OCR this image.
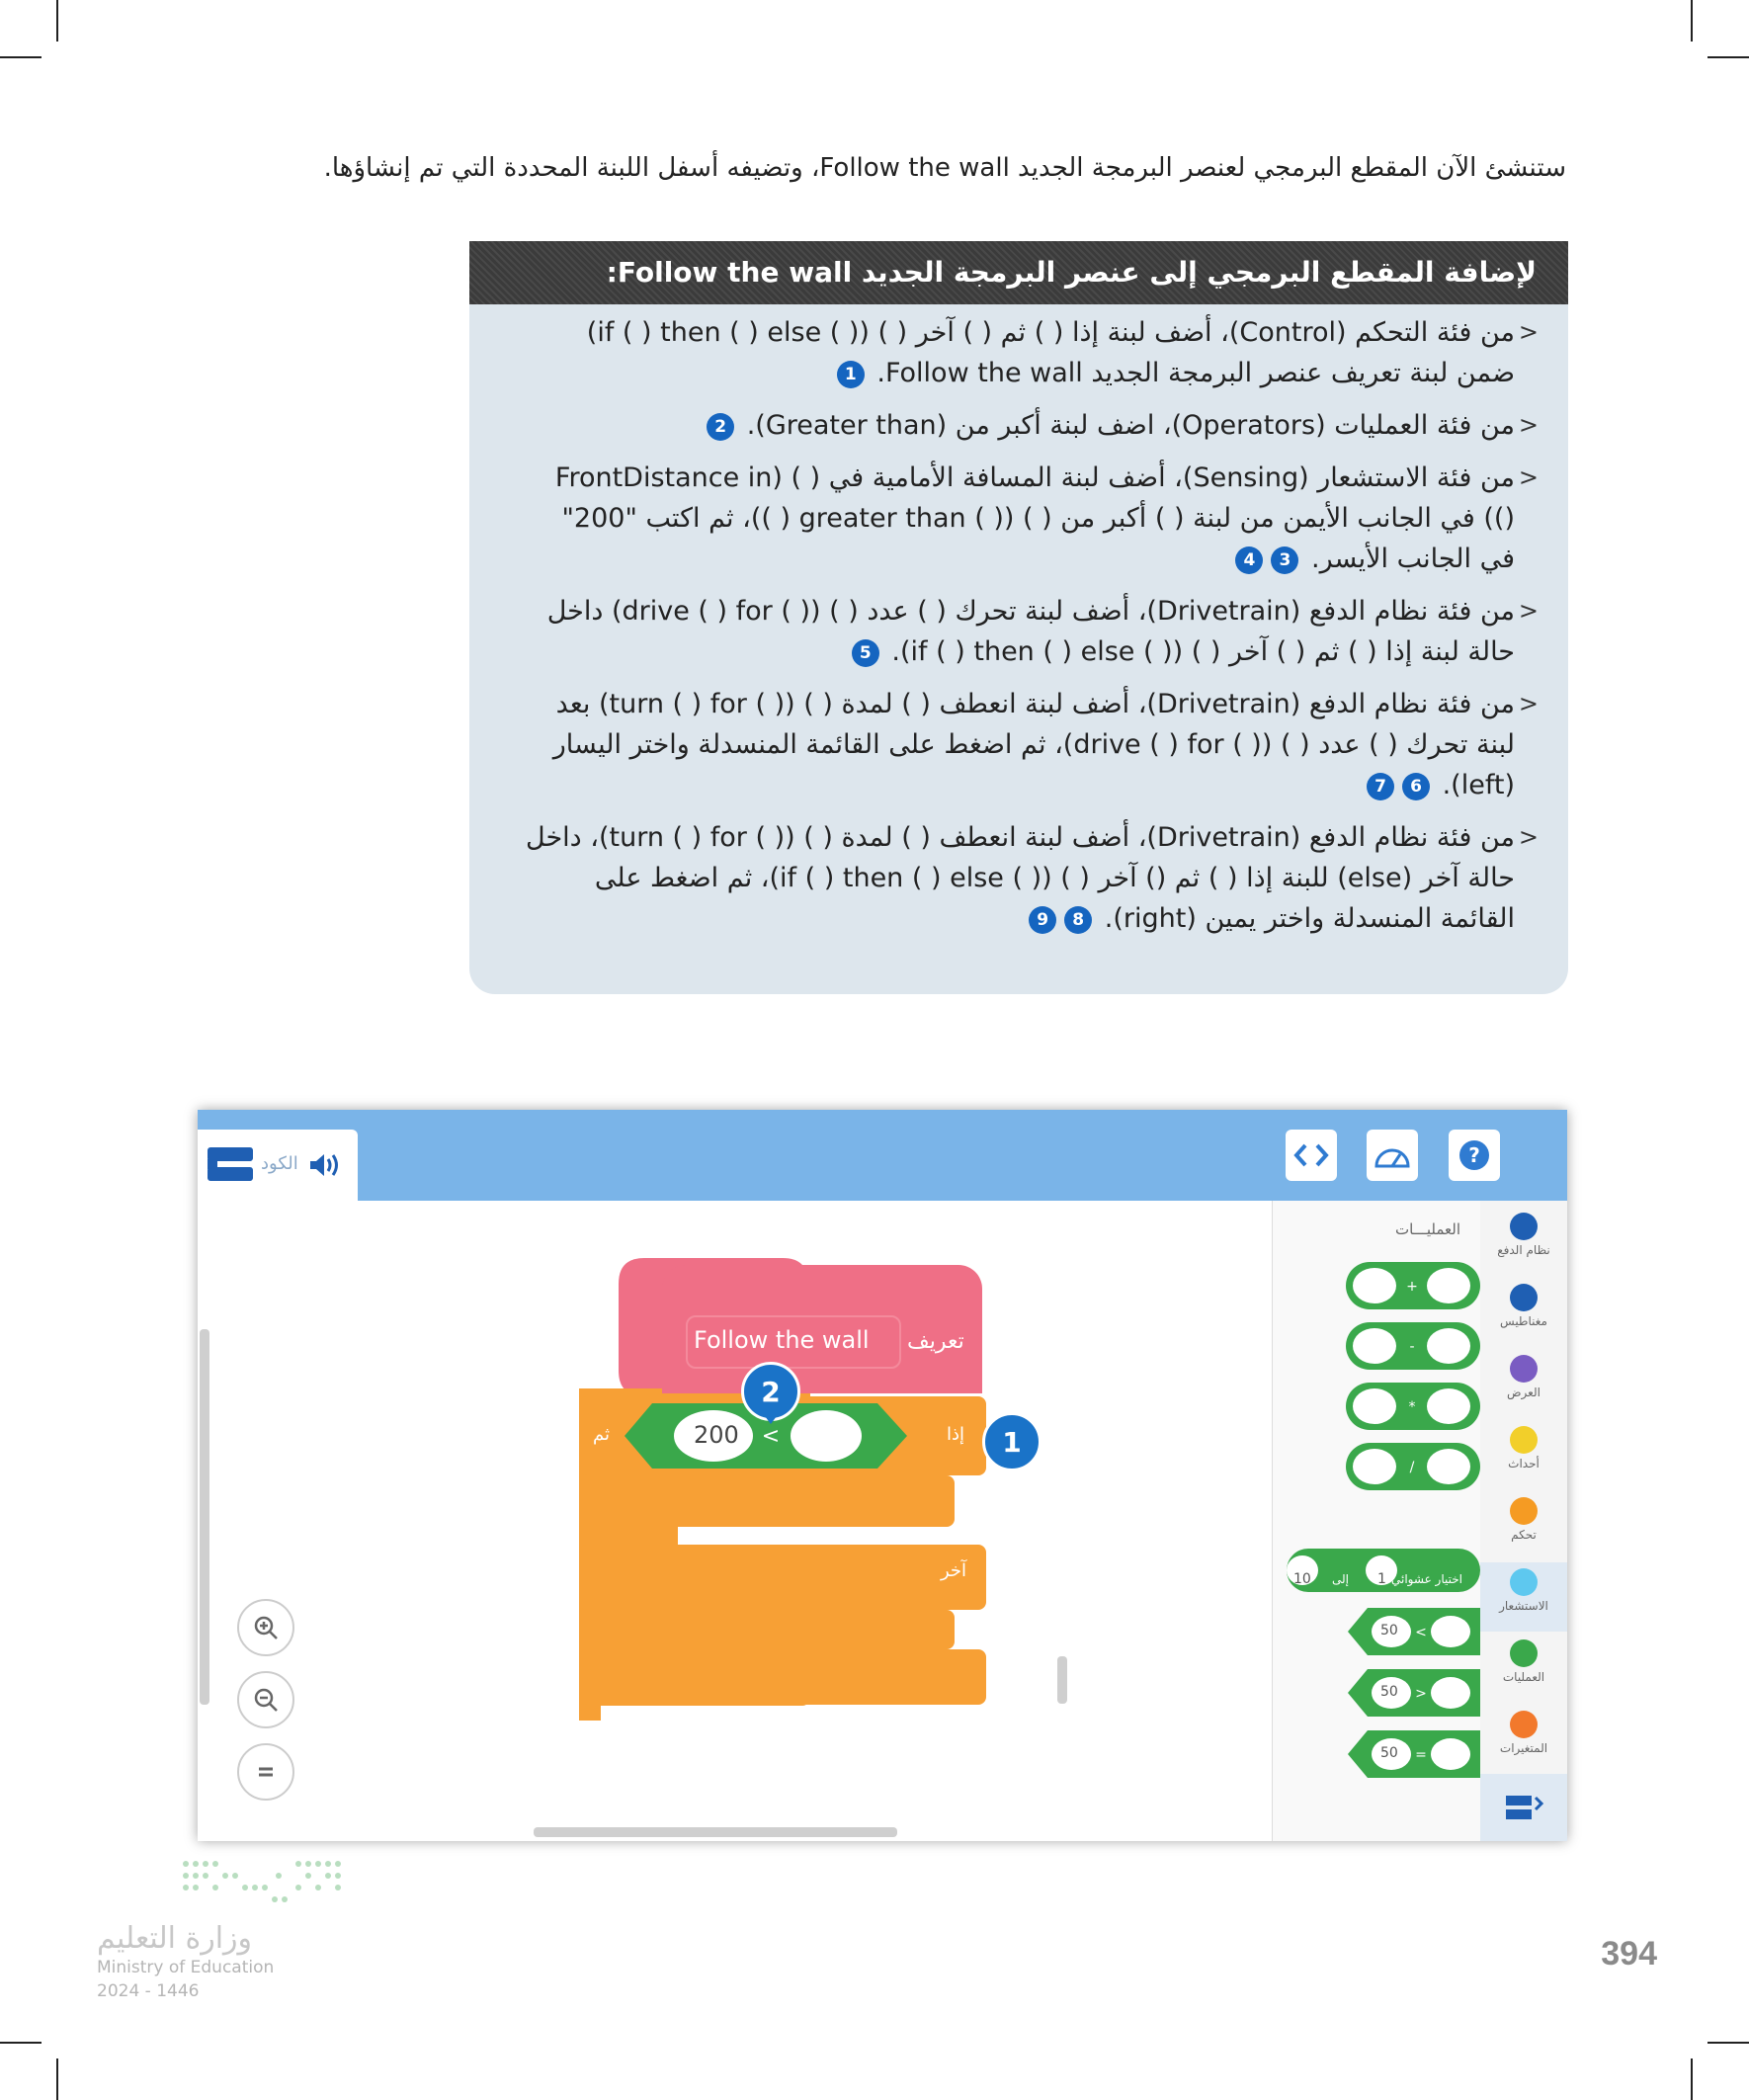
ستنشئ الآن المقطع البرمجي لعنصر البرمجة الجديد Follow the wall، وتضيفه أسفل اللبنة المحددة التي تم إنشاؤها.
لإضافة المقطع البرمجي إلى عنصر البرمجة الجديد Follow the wall:
< من فئة التحكم (Control)، أضف لبنة إذا ( ) ثم ( ) آخر ( ) (( ) if ( ) then ( ) else) ضمن لبنة تعريف عنصر البرمجة الجديد Follow the wall. 1
< من فئة العمليات (Operators)، اضف لبنة أكبر من (Greater than). 2
< من فئة الاستشعار (Sensing)، أضف لبنة المسافة الأمامية في ( ) (FrontDistance in ()) في الجانب الأيمن من لبنة ( ) أكبر من ( ) (( ) greater than ( ))، ثم اكتب "200" في الجانب الأيسر. 34
< من فئة نظام الدفع (Drivetrain)، أضف لبنة تحرك ( ) عدد ( ) (( ) drive ( ) for) داخل حالة لبنة إذا ( ) ثم ( ) آخر ( ) (( ) if ( ) then ( ) else). 5
< من فئة نظام الدفع (Drivetrain)، أضف لبنة انعطف ( ) لمدة ( ) (( ) turn ( ) for) بعد لبنة تحرك ( ) عدد ( ) (( ) drive ( ) for)، ثم اضغط على القائمة المنسدلة واختر اليسار (left). 67
< من فئة نظام الدفع (Drivetrain)، أضف لبنة انعطف ( ) لمدة ( ) (( ) turn ( ) for)، داخل حالة آخر (else) للبنة إذا ( ) ثم () آخر ( ) (( ) if ( ) then ( ) else)، ثم اضغط على القائمة المنسدلة واختر يمين (right). 89
الكود	?
نظام الدفع
مغناطيس
العرض
أحداث
تحكم
الاستشعار
العمليات
المتغيرات
العمليـــات
+
-
*
/
<
>
=
اختيار عشوائي
إلى 1
10
50
50
50
تعريف
Follow the wall
إذا
ثم
آخر
<
200	1
2
وزارة التعليم
Ministry of Education
2024 - 1446
394
